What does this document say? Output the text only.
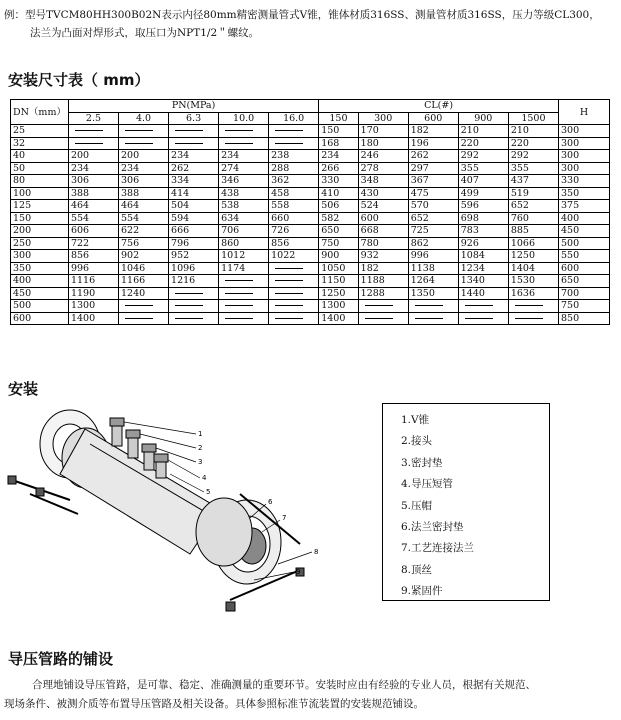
例：型号TVCM80HH300B02N表示内径80mm精密测量管式V锥，锥体材质316SS、测量管材质316SS，压力等级CL300，

法兰为凸面对焊形式，取压口为NPT1/2＂螺纹。

安装尺寸表（ mm）
DN（mm）	PN(MPa)					CL(#)					H
	2.5	4.0	6.3	10.0	16.0	150	300	600	900	1500	
25						150	170	182	210	210	300
32						168	180	196	220	220	300
40	200	200	234	234	238	234	246	262	292	292	300
50	234	234	262	274	288	266	278	297	355	355	300
80	306	306	334	346	362	330	348	367	407	437	330
100	388	388	414	438	458	410	430	475	499	519	350
125	464	464	504	538	558	506	524	570	596	652	375
150	554	554	594	634	660	582	600	652	698	760	400
200	606	622	666	706	726	650	668	725	783	885	450
250	722	756	796	860	856	750	780	862	926	1066	500
300	856	902	952	1012	1022	900	932	996	1084	1250	550
350	996	1046	1096	1174		1050	182	1138	1234	1404	600
400	1116	1166	1216			1150	1188	1264	1340	1530	650
450	1190	1240				1250	1288	1350	1440	1636	700
500	1300					1300					750
600	1400					1400					850
安装
1
2
3
4
5
6
7
8
9
1.V锥
2.接头
3.密封垫
4.导压短管
5.压帽
6.法兰密封垫
7.工艺连接法兰
8.顶丝
9.紧固件
导压管路的铺设

合理地铺设导压管路，是可靠、稳定、准确测量的重要环节。安装时应由有经验的专业人员，根据有关规范、

现场条件、被测介质等布置导压管路及相关设备。具体参照标准节流装置的安装规范铺设。
